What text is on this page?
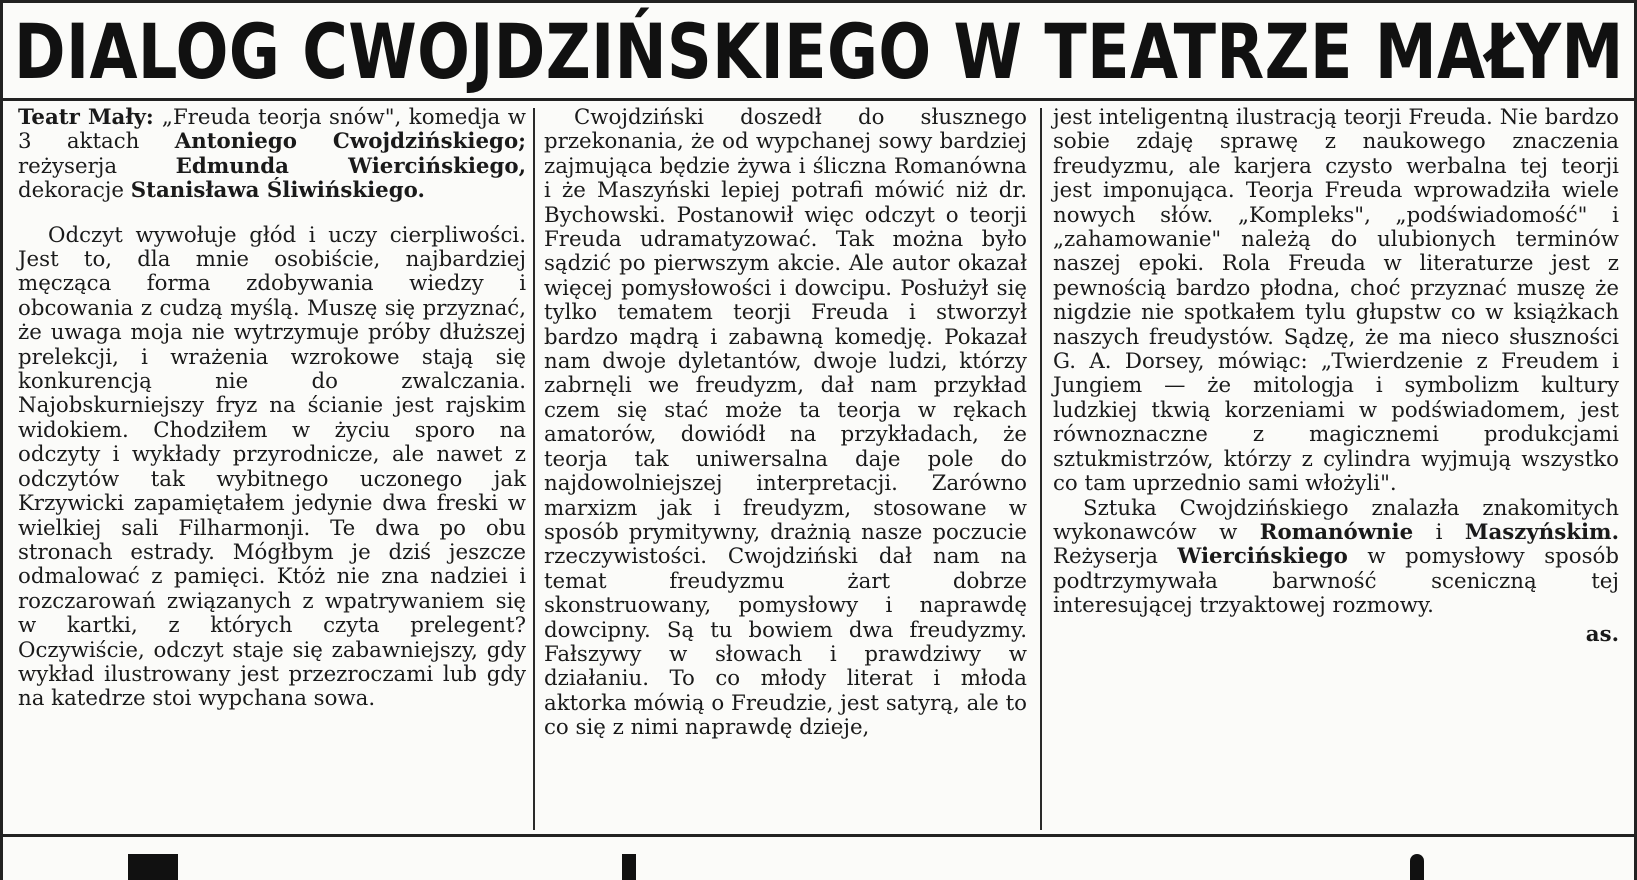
DIALOG CWOJDZIŃSKIEGO W TEATRZE MAŁYM

Teatr Mały: „Freuda teorja snów", komedja w 3 aktach Antoniego Cwojdzińskiego; reżyserja Edmunda Wiercińskiego, dekoracje Stanisława Śliwińskiego.

Odczyt wywołuje głód i uczy cierpliwości. Jest to, dla mnie osobiście, najbardziej męcząca forma zdobywania wiedzy i obcowania z cudzą myślą. Muszę się przyznać, że uwaga moja nie wytrzymuje próby dłuższej prelekcji, i wrażenia wzrokowe stają się konkurencją nie do zwalczania. Najobskurniejszy fryz na ścianie jest rajskim widokiem. Chodziłem w życiu sporo na odczyty i wykłady przyrodnicze, ale nawet z odczytów tak wybitnego uczonego jak Krzywicki zapamiętałem jedynie dwa freski w wielkiej sali Filharmonji. Te dwa po obu stronach estrady. Mógłbym je dziś jeszcze odmalować z pamięci. Któż nie zna nadziei i rozczarowań związanych z wpatrywaniem się w kartki, z których czyta prelegent? Oczywiście, odczyt staje się zabawniejszy, gdy wykład ilustrowany jest przezroczami lub gdy na katedrze stoi wypchana sowa.

Cwojdziński doszedł do słusznego przekonania, że od wypchanej sowy bardziej zajmująca będzie żywa i śliczna Romanówna i że Maszyński lepiej potrafi mówić niż dr. Bychowski. Postanowił więc odczyt o teorji Freuda udramatyzować. Tak można było sądzić po pierwszym akcie. Ale autor okazał więcej pomysłowości i dowcipu. Posłużył się tylko tematem teorji Freuda i stworzył bardzo mądrą i zabawną komedję. Pokazał nam dwoje dyletantów, dwoje ludzi, którzy zabrnęli we freudyzm, dał nam przykład czem się stać może ta teorja w rękach amatorów, dowiódł na przykładach, że teorja tak uniwersalna daje pole do najdowolniejszej interpretacji. Zarówno marxizm jak i freudyzm, stosowane w sposób prymitywny, drażnią nasze poczucie rzeczywistości. Cwojdziński dał nam na temat freudyzmu żart dobrze skonstruowany, pomysłowy i naprawdę dowcipny. Są tu bowiem dwa freudyzmy. Fałszywy w słowach i prawdziwy w działaniu. To co młody literat i młoda aktorka mówią o Freudzie, jest satyrą, ale to co się z nimi naprawdę dzieje,

jest inteligentną ilustracją teorji Freuda. Nie bardzo sobie zdaję sprawę z naukowego znaczenia freudyzmu, ale karjera czysto werbalna tej teorji jest imponująca. Teorja Freuda wprowadziła wiele nowych słów. „Kompleks", „podświadomość" i „zahamowanie" należą do ulubionych terminów naszej epoki. Rola Freuda w literaturze jest z pewnością bardzo płodna, choć przyznać muszę że nigdzie nie spotkałem tylu głupstw co w książkach naszych freudystów. Sądzę, że ma nieco słuszności G. A. Dorsey, mówiąc: „Twierdzenie z Freudem i Jungiem — że mitologja i symbolizm kultury ludzkiej tkwią korzeniami w podświadomem, jest równoznaczne z magicznemi produkcjami sztukmistrzów, którzy z cylindra wyjmują wszystko co tam uprzednio sami włożyli".

Sztuka Cwojdzińskiego znalazła znakomitych wykonawców w Romanównie i Maszyńskim. Reżyserja Wiercińskiego w pomysłowy sposób podtrzymywała barwność sceniczną tej interesującej trzyaktowej rozmowy.

as.
